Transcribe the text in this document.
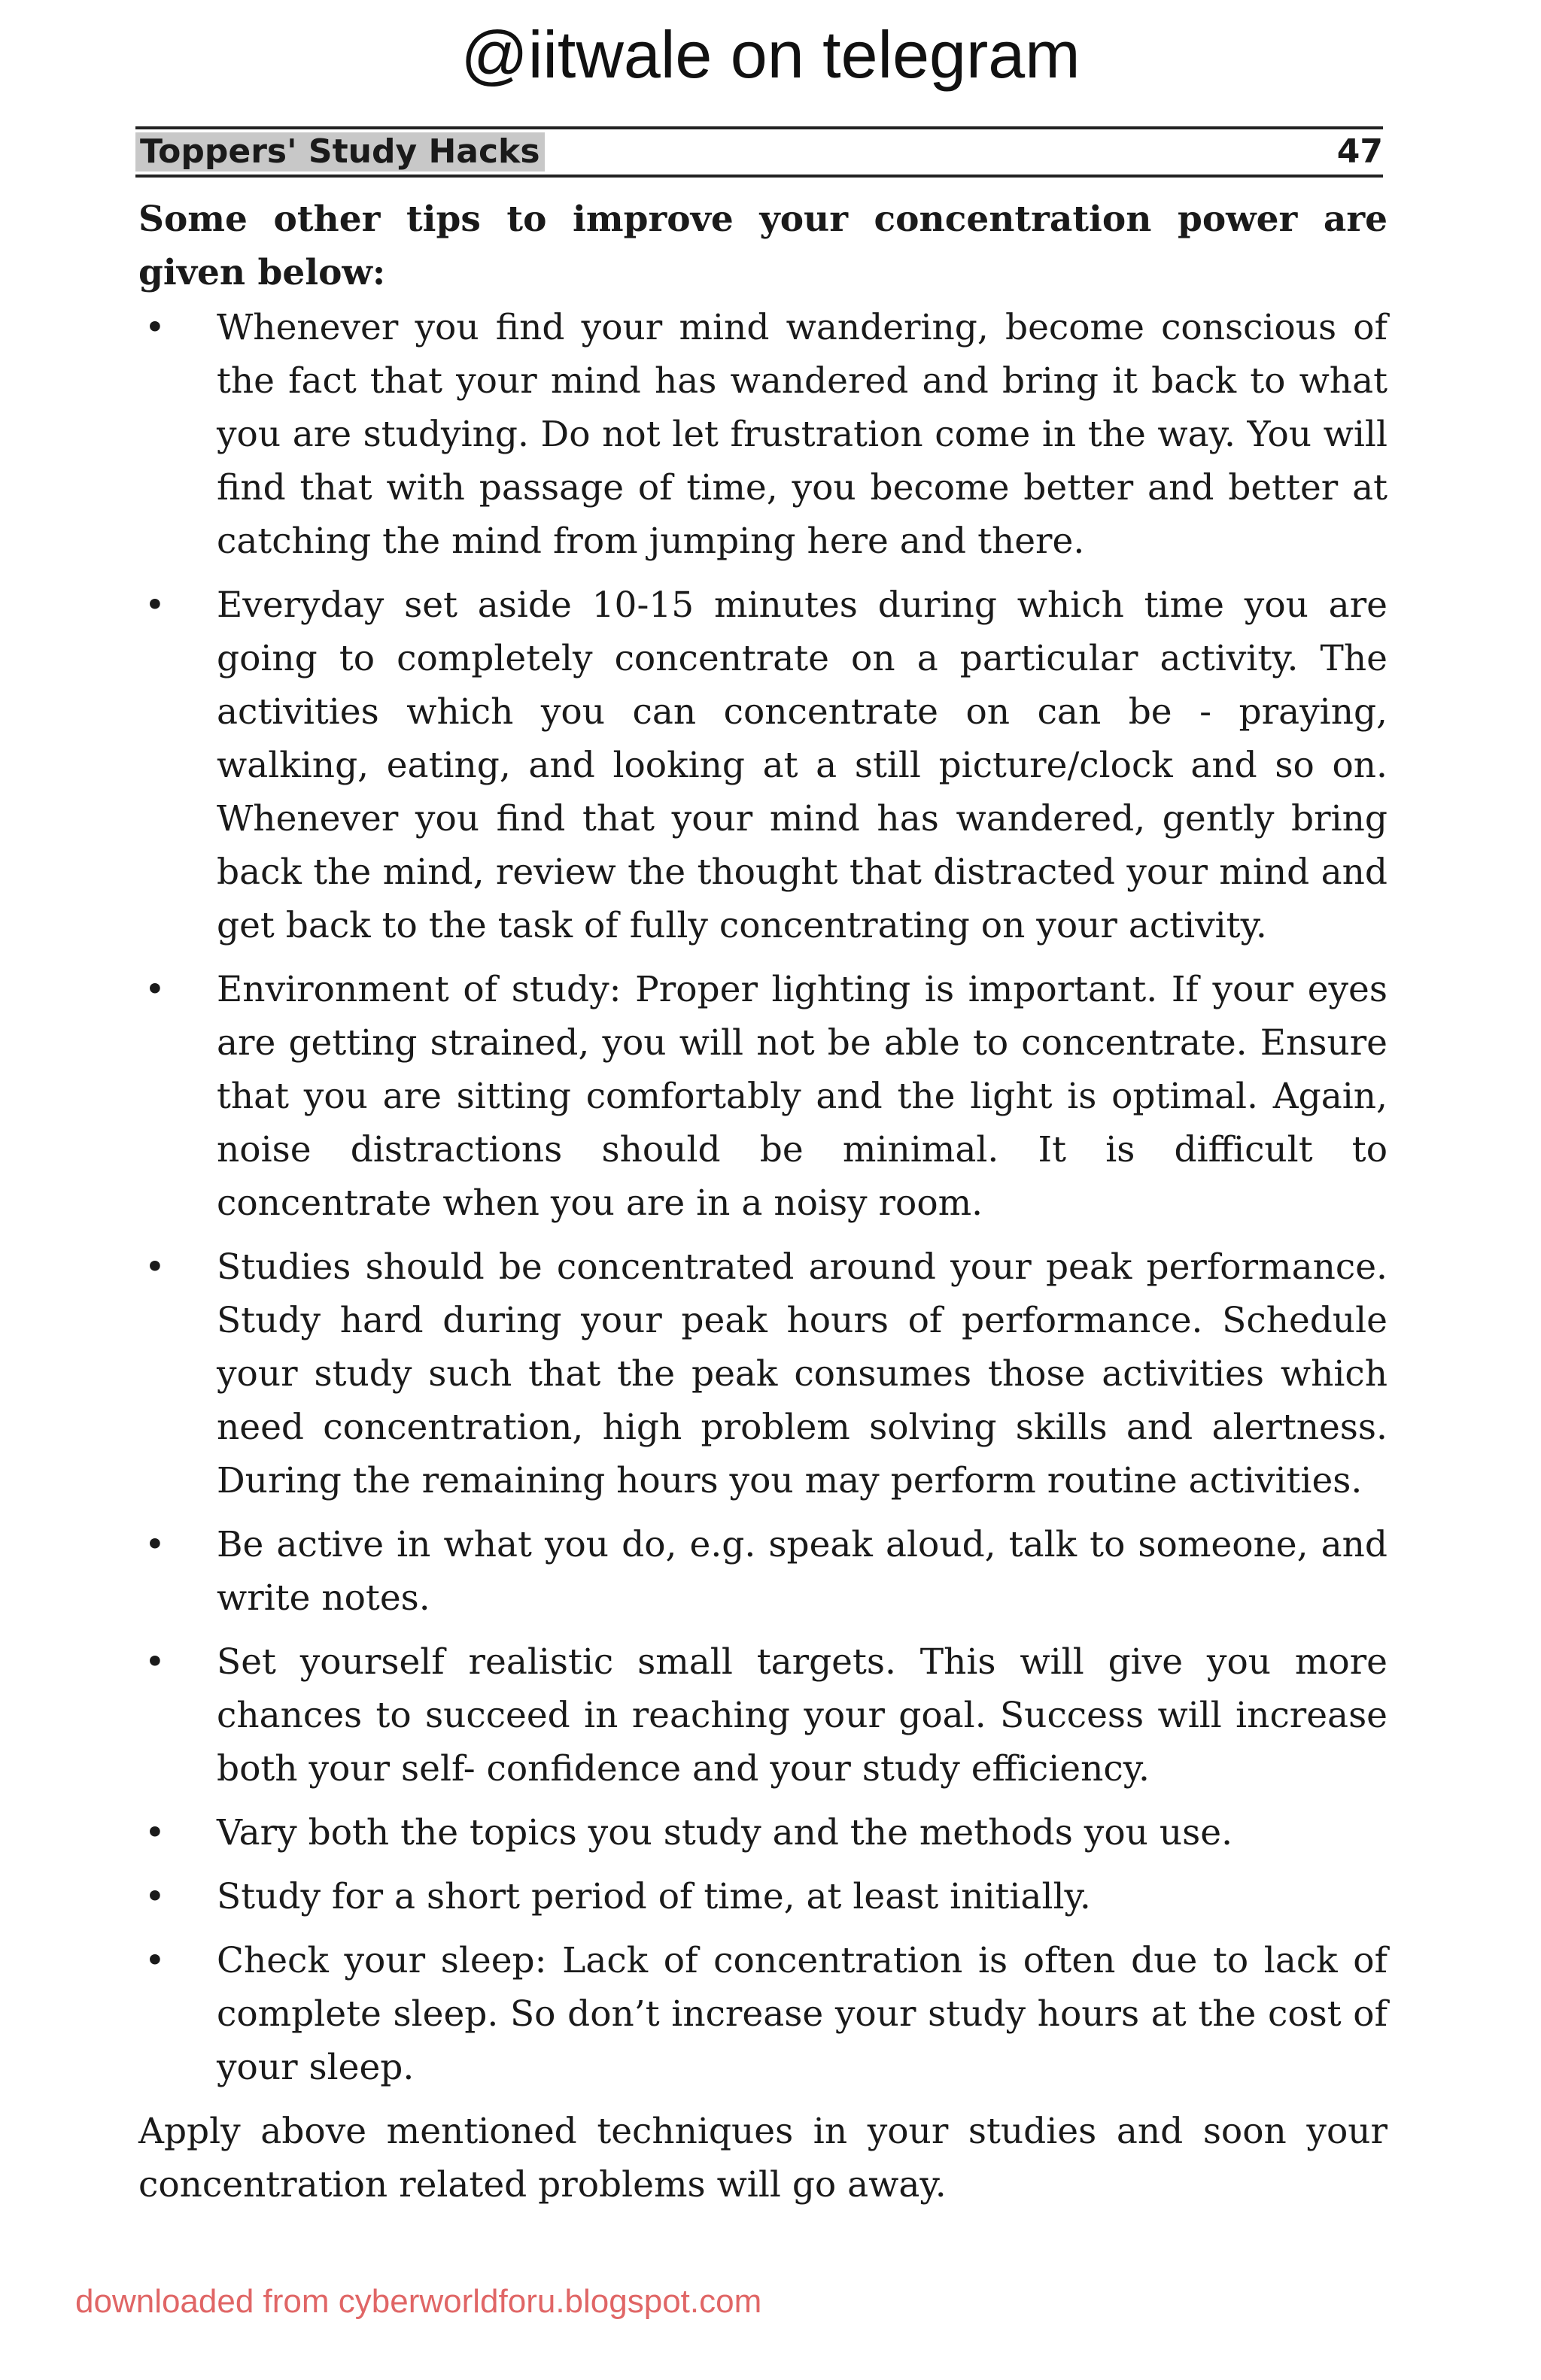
@iitwale on telegram
Toppers' Study Hacks	47

Some other tips to improve your concentration power are given below:

• Whenever you find your mind wandering, become conscious of the fact that your mind has wandered and bring it back to what you are studying. Do not let frustration come in the way. You will find that with passage of time, you become better and better at catching the mind from jumping here and there.
• Everyday set aside 10-15 minutes during which time you are going to completely concentrate on a particular activity. The activities which you can concentrate on can be - praying, walking, eating, and looking at a still picture/clock and so on. Whenever you find that your mind has wandered, gently bring back the mind, review the thought that distracted your mind and get back to the task of fully concentrating on your activity.
• Environment of study: Proper lighting is important. If your eyes are getting strained, you will not be able to concentrate. Ensure that you are sitting comfortably and the light is optimal. Again, noise distractions should be minimal. It is difficult to concentrate when you are in a noisy room.
• Studies should be concentrated around your peak performance. Study hard during your peak hours of performance. Schedule your study such that the peak consumes those activities which need concentration, high problem solving skills and alertness. During the remaining hours you may perform routine activities.
• Be active in what you do, e.g. speak aloud, talk to someone, and write notes.
• Set yourself realistic small targets. This will give you more chances to succeed in reaching your goal. Success will increase both your self- confidence and your study efficiency.
• Vary both the topics you study and the methods you use.
• Study for a short period of time, at least initially.
• Check your sleep: Lack of concentration is often due to lack of complete sleep. So don’t increase your study hours at the cost of your sleep.

Apply above mentioned techniques in your studies and soon your concentration related problems will go away.

downloaded from cyberworldforu.blogspot.com
